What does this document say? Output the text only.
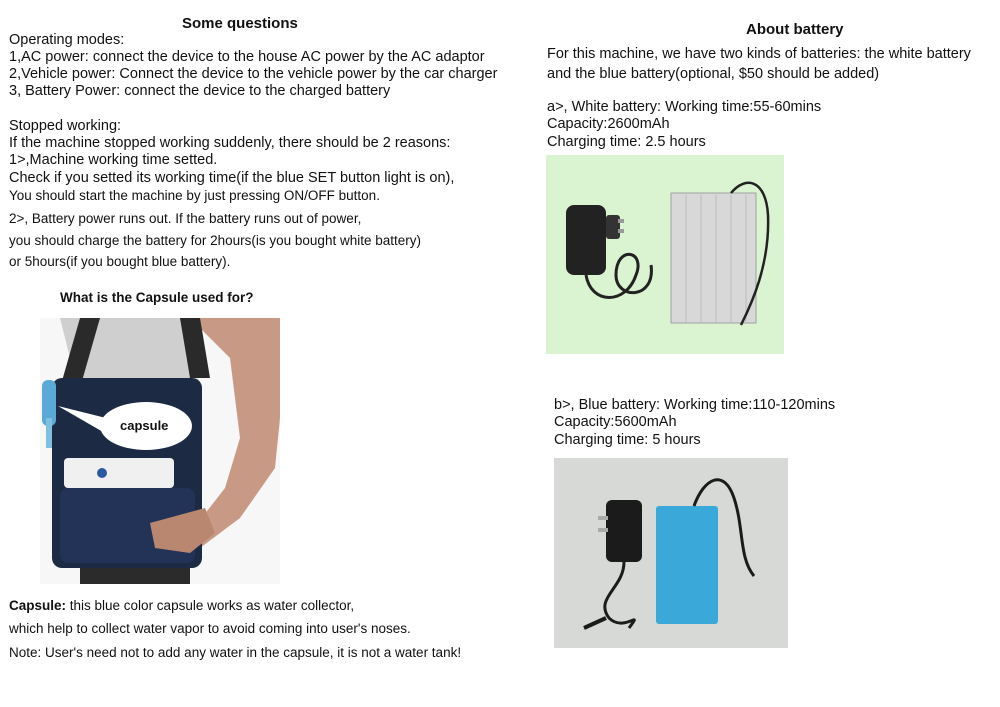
Some questions
Operating modes:
1,AC power: connect the device to the house AC power by the AC adaptor
2,Vehicle power: Connect the device to the vehicle power by the car charger
3, Battery Power: connect the device to the charged battery
Stopped working:
If the machine stopped working suddenly, there should be 2 reasons:
1>,Machine working time setted.
Check if you setted its working time(if the blue SET button light is on),
You should start the machine by just pressing ON/OFF button.
2>, Battery power runs out. If the battery runs out of power,
you should charge the battery for 2hours(is you bought white battery)
or 5hours(if you bought blue battery).
What is the Capsule used for?
capsule
Capsule: this blue color capsule works as water collector,
which help to collect water vapor to avoid coming into user's noses.
Note: User's need not to add any water in the capsule, it is not a water tank!
About battery
For this machine, we have two kinds of batteries: the white battery
and the blue battery(optional, $50 should be added)
a>, White battery: Working time:55-60mins
Capacity:2600mAh
Charging time: 2.5 hours
b>, Blue battery: Working time:110-120mins
Capacity:5600mAh
Charging time: 5 hours
